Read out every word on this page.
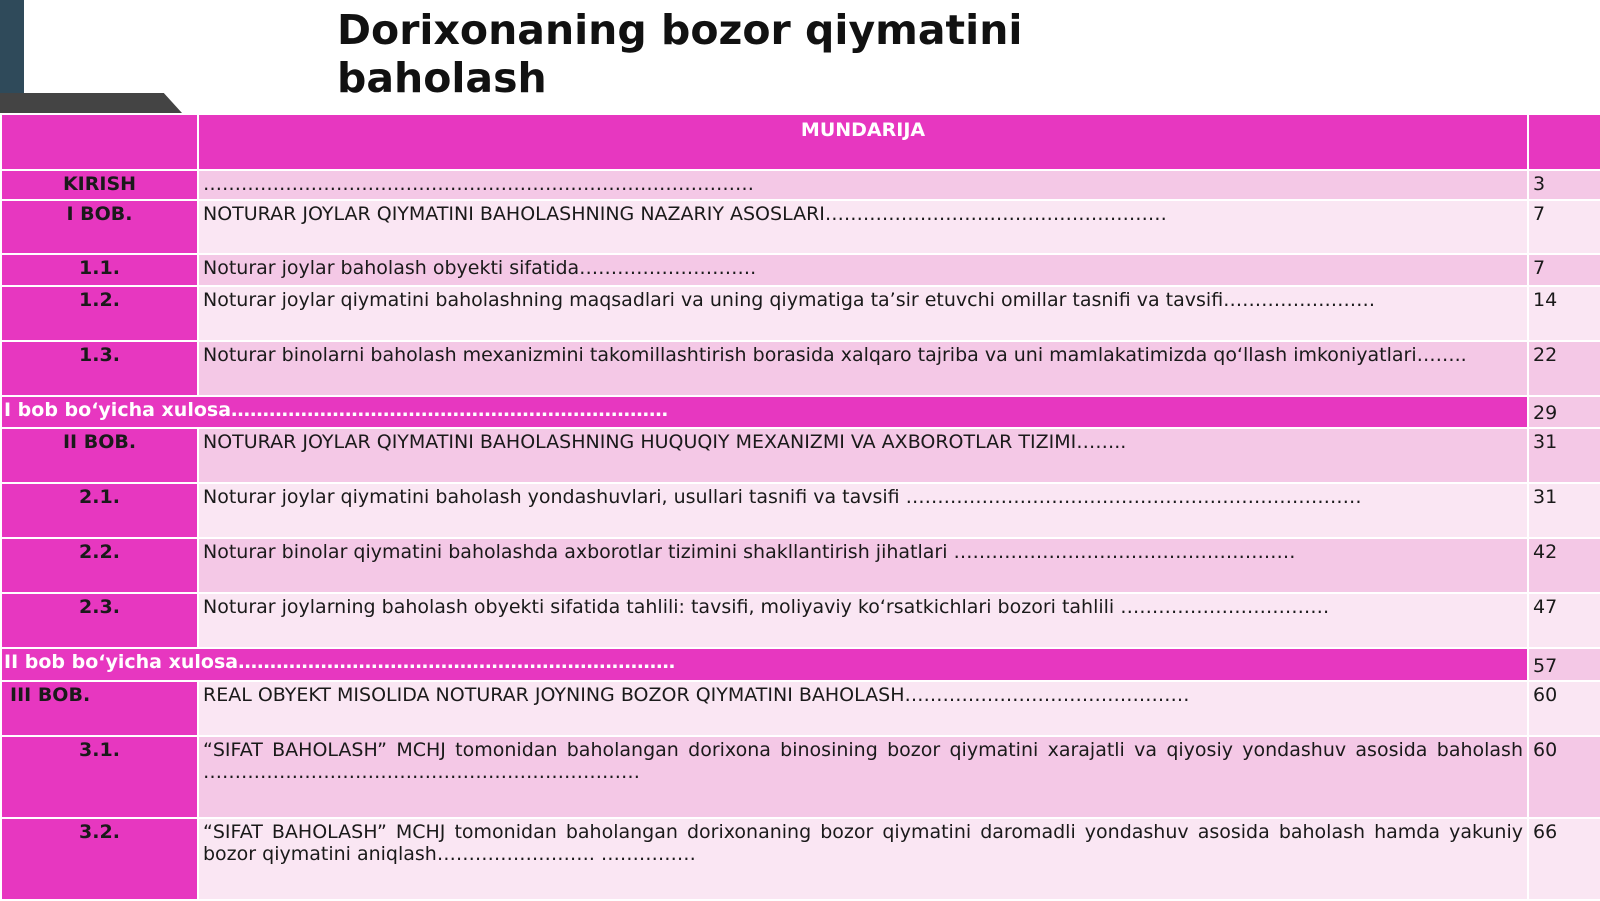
Dorixonaning bozor qiymatini
baholash
	MUNDARIJA	
KIRISH	……………………………………………………………………………	3
I BOB.	NOTURAR JOYLAR QIYMATINI BAHOLASHNING NAZARIY ASOSLARI………………………………………………	7
1.1.	Noturar joylar baholash obyekti sifatida……………………….	7
1.2.	Noturar joylar qiymatini baholashning maqsadlari va uning qiymatiga ta’sir etuvchi omillar tasnifi va tavsifi……………………	14
1.3.	Noturar binolarni baholash mexanizmini takomillashtirish borasida xalqaro tajriba va uni mamlakatimizda qo‘llash imkoniyatlari……..	22
I bob bo‘yicha xulosa……………………………………………………………		29
II BOB.	NOTURAR JOYLAR QIYMATINI BAHOLASHNING HUQUQIY MEXANIZMI VA AXBOROTLAR TIZIMI……..	31
2.1.	Noturar joylar qiymatini baholash yondashuvlari, usullari tasnifi va tavsifi ………………………………………………………………	31
2.2.	Noturar binolar qiymatini baholashda axborotlar tizimini shakllantirish jihatlari ………………………………………………	42
2.3.	Noturar joylarning baholash obyekti sifatida tahlili: tavsifi, moliyaviy ko‘rsatkichlari bozori tahlili ……………………………	47
II bob bo‘yicha xulosa……………………………………………………………		57
III BOB.	REAL OBYEKT MISOLIDA NOTURAR JOYNING BOZOR QIYMATINI BAHOLASH………………………………………	60
3.1.	“SIFAT BAHOLASH” MCHJ tomonidan baholangan dorixona binosining bozor qiymatini xarajatli va qiyosiy yondashuv asosida baholash ……………………………………………………………	60
3.2.	“SIFAT BAHOLASH” MCHJ tomonidan baholangan dorixonaning bozor qiymatini daromadli yondashuv asosida baholash hamda yakuniy bozor qiymatini aniqlash……………………. ……………	66
